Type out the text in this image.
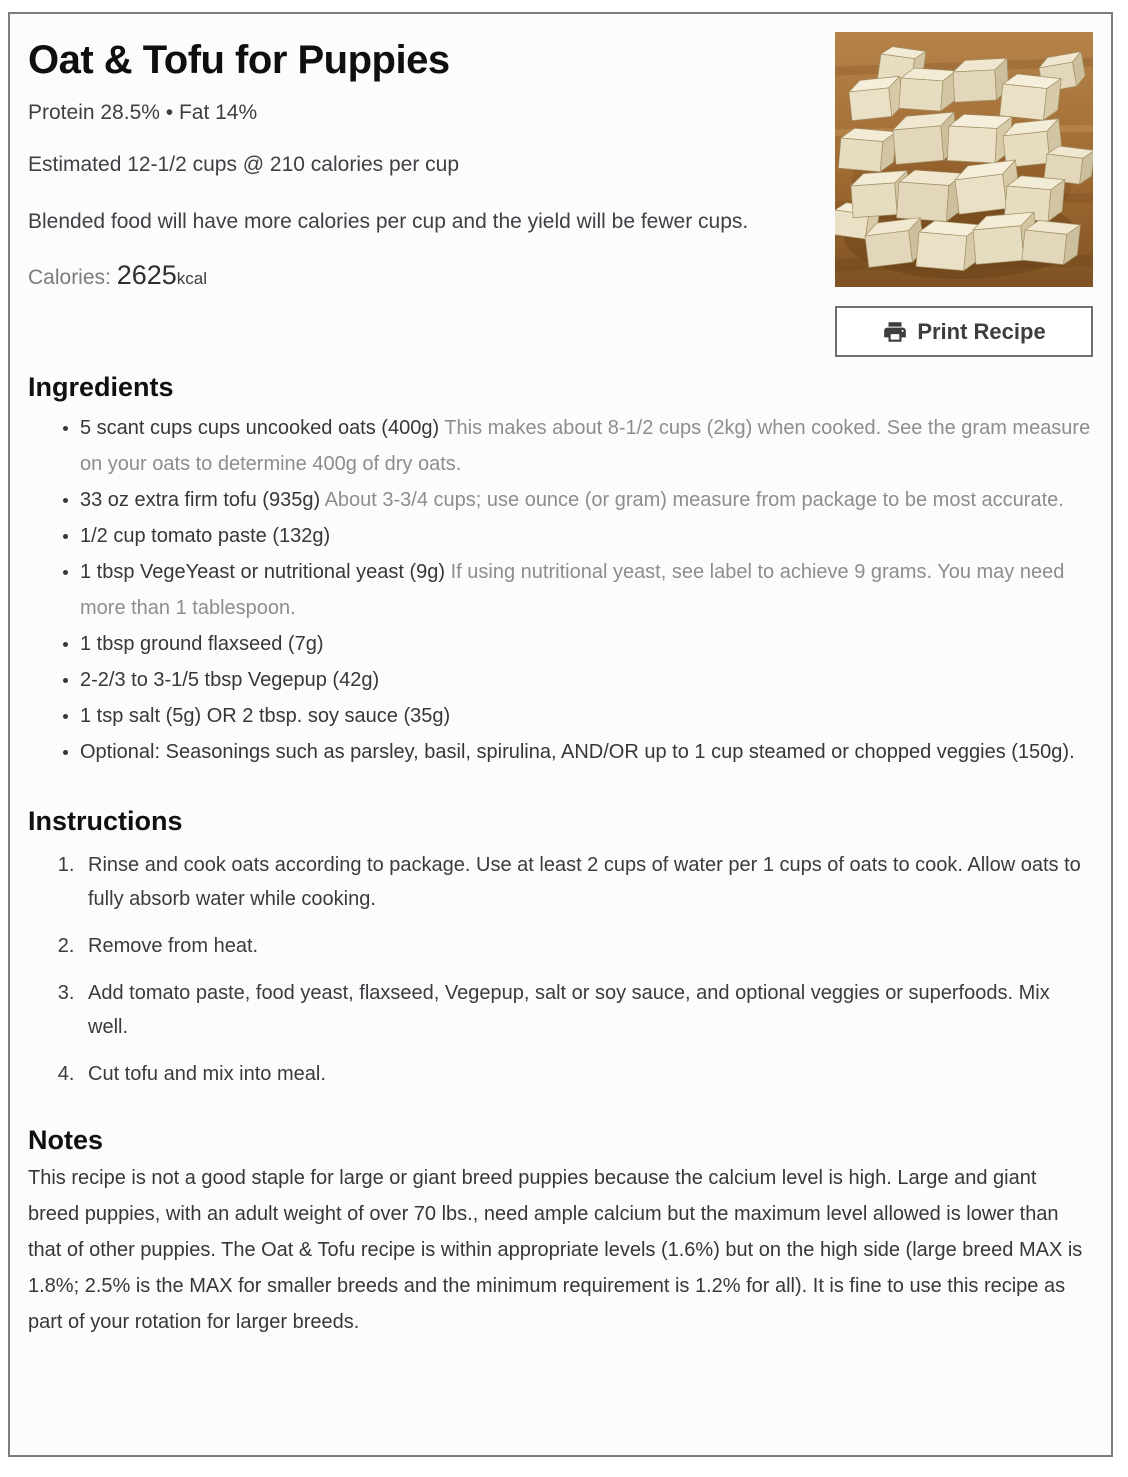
Print Recipe
Oat & Tofu for Puppies

Protein 28.5% • Fat 14%

Estimated 12-1/2 cups @ 210 calories per cup

Blended food will have more calories per cup and the yield will be fewer cups.

Calories: 2625kcal

Ingredients
• 5 scant cups cups uncooked oats (400g) This makes about 8-1/2 cups (2kg) when cooked. See the gram measure on your oats to determine 400g of dry oats.
• 33 oz extra firm tofu (935g) About 3-3/4 cups; use ounce (or gram) measure from package to be most accurate.
• 1/2 cup tomato paste (132g)
• 1 tbsp VegeYeast or nutritional yeast (9g) If using nutritional yeast, see label to achieve 9 grams. You may need more than 1 tablespoon.
• 1 tbsp ground flaxseed (7g)
• 2-2/3 to 3-1/5 tbsp Vegepup (42g)
• 1 tsp salt (5g) OR 2 tbsp. soy sauce (35g)
• Optional: Seasonings such as parsley, basil, spirulina, AND/OR up to 1 cup steamed or chopped veggies (150g).
Instructions
1. Rinse and cook oats according to package. Use at least 2 cups of water per 1 cups of oats to cook. Allow oats to fully absorb water while cooking.
2. Remove from heat.
3. Add tomato paste, food yeast, flaxseed, Vegepup, salt or soy sauce, and optional veggies or superfoods. Mix well.
4. Cut tofu and mix into meal.
Notes

This recipe is not a good staple for large or giant breed puppies because the calcium level is high. Large and giant breed puppies, with an adult weight of over 70 lbs., need ample calcium but the maximum level allowed is lower than that of other puppies. The Oat & Tofu recipe is within appropriate levels (1.6%) but on the high side (large breed MAX is 1.8%; 2.5% is the MAX for smaller breeds and the minimum requirement is 1.2% for all). It is fine to use this recipe as part of your rotation for larger breeds.
